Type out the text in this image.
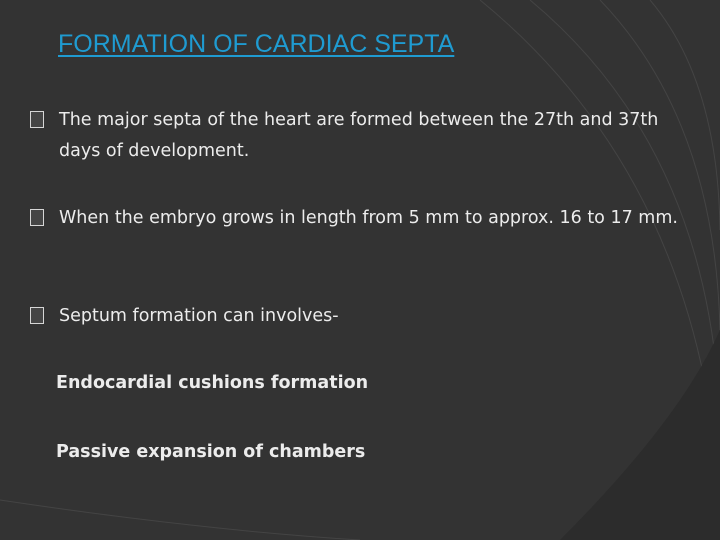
FORMATION OF CARDIAC SEPTA
The major septa of the heart are formed between the 27th and 37th days of development.
When the embryo grows in length from 5 mm to approx. 16 to 17 mm.
Septum formation can involves-
Endocardial cushions formation
Passive expansion of chambers
